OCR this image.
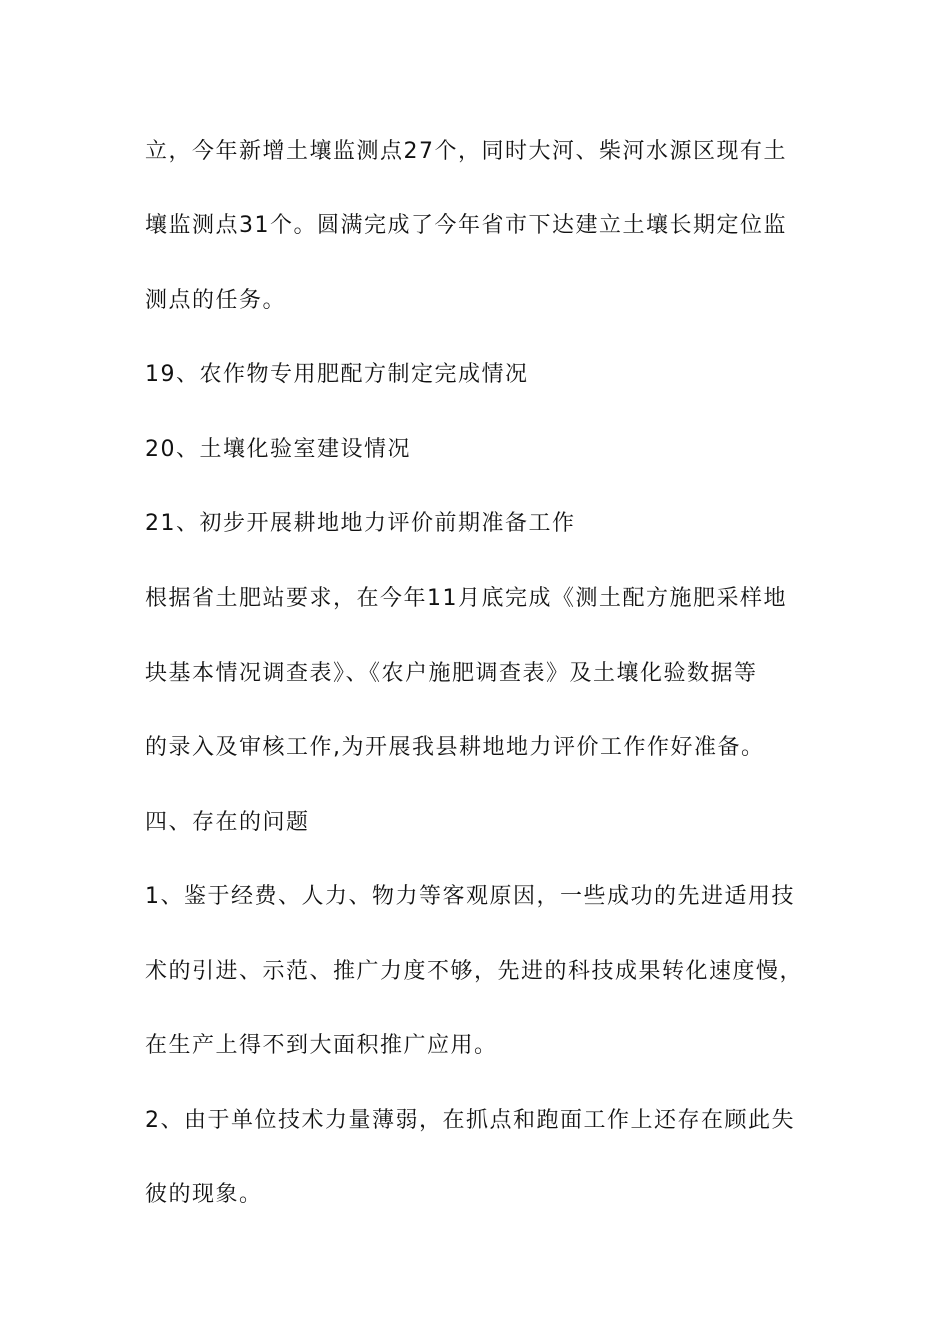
立，今年新增土壤监测点27个，同时大河、柴河水源区现有土
壤监测点31个。圆满完成了今年省市下达建立土壤长期定位监
测点的任务。
19、农作物专用肥配方制定完成情况
20、土壤化验室建设情况
21、初步开展耕地地力评价前期准备工作
根据省土肥站要求，在今年11月底完成《测土配方施肥采样地
块基本情况调查表》、《农户施肥调查表》及土壤化验数据等
的录入及审核工作,为开展我县耕地地力评价工作作好准备。
四、存在的问题
1、鉴于经费、人力、物力等客观原因，一些成功的先进适用技
术的引进、示范、推广力度不够，先进的科技成果转化速度慢，
在生产上得不到大面积推广应用。
2、由于单位技术力量薄弱，在抓点和跑面工作上还存在顾此失
彼的现象。
